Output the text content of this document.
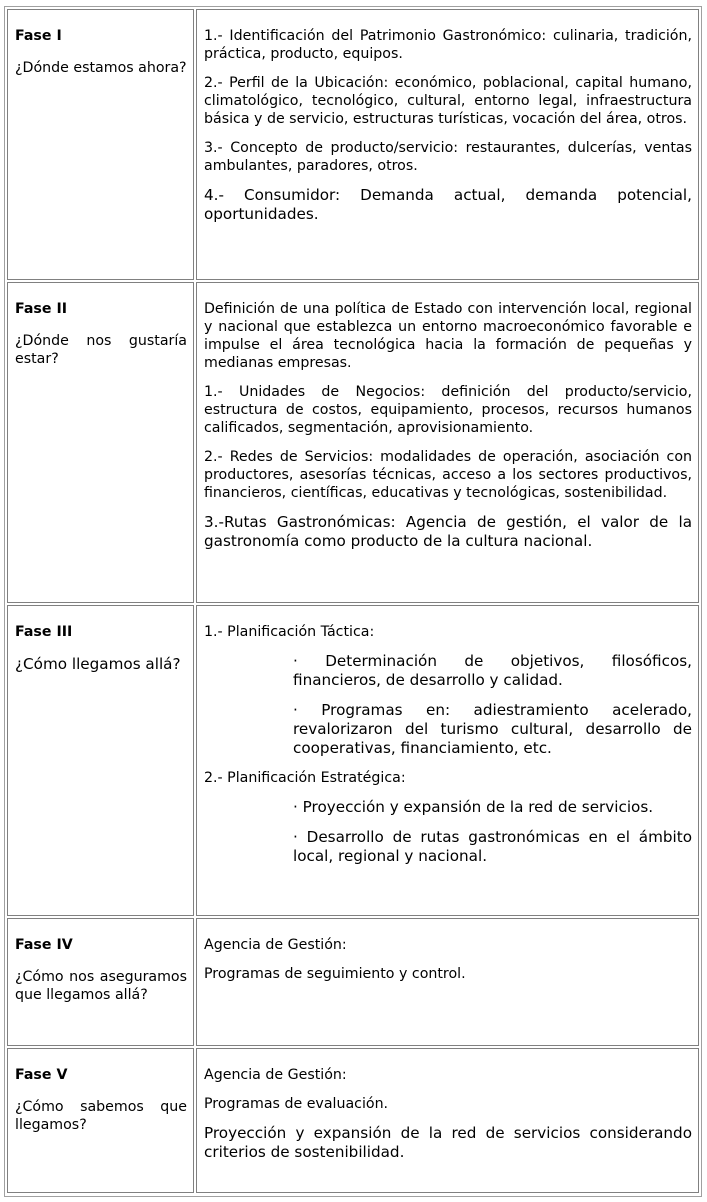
Fase I

¿Dónde estamos ahora?

1.- Identificación del Patrimonio Gastronómico: culinaria, tradición, práctica, producto, equipos.

2.- Perfil de la Ubicación: económico, poblacional, capital humano, climatológico, tecnológico, cultural, entorno legal, infraestructura básica y de servicio, estructuras turísticas, vocación del área, otros.

3.- Concepto de producto/servicio: restaurantes, dulcerías, ventas ambulantes, paradores, otros.

4.- Consumidor: Demanda actual, demanda potencial, oportunidades.

Fase II

¿Dónde nos gustaría estar?

Definición de una política de Estado con intervención local, regional y nacional que establezca un entorno macroeconómico favorable e impulse el área tecnológica hacia la formación de pequeñas y medianas empresas.

1.- Unidades de Negocios: definición del producto/servicio, estructura de costos, equipamiento, procesos, recursos humanos calificados, segmentación, aprovisionamiento.

2.- Redes de Servicios: modalidades de operación, asociación con productores, asesorías técnicas, acceso a los sectores productivos, financieros, científicas, educativas y tecnológicas, sostenibilidad.

3.-Rutas Gastronómicas: Agencia de gestión, el valor de la gastronomía como producto de la cultura nacional.

Fase III

¿Cómo llegamos allá?

1.- Planificación Táctica:

· Determinación de objetivos, filosóficos, financieros, de desarrollo y calidad.

· Programas en: adiestramiento acelerado, revalorizaron del turismo cultural, desarrollo de cooperativas, financiamiento, etc.

2.- Planificación Estratégica:

· Proyección y expansión de la red de servicios.

· Desarrollo de rutas gastronómicas en el ámbito local, regional y nacional.

Fase IV

¿Cómo nos aseguramos que llegamos allá?

Agencia de Gestión:

Programas de seguimiento y control.

Fase V

¿Cómo sabemos que llegamos?

Agencia de Gestión:

Programas de evaluación.

Proyección y expansión de la red de servicios considerando criterios de sostenibilidad.
